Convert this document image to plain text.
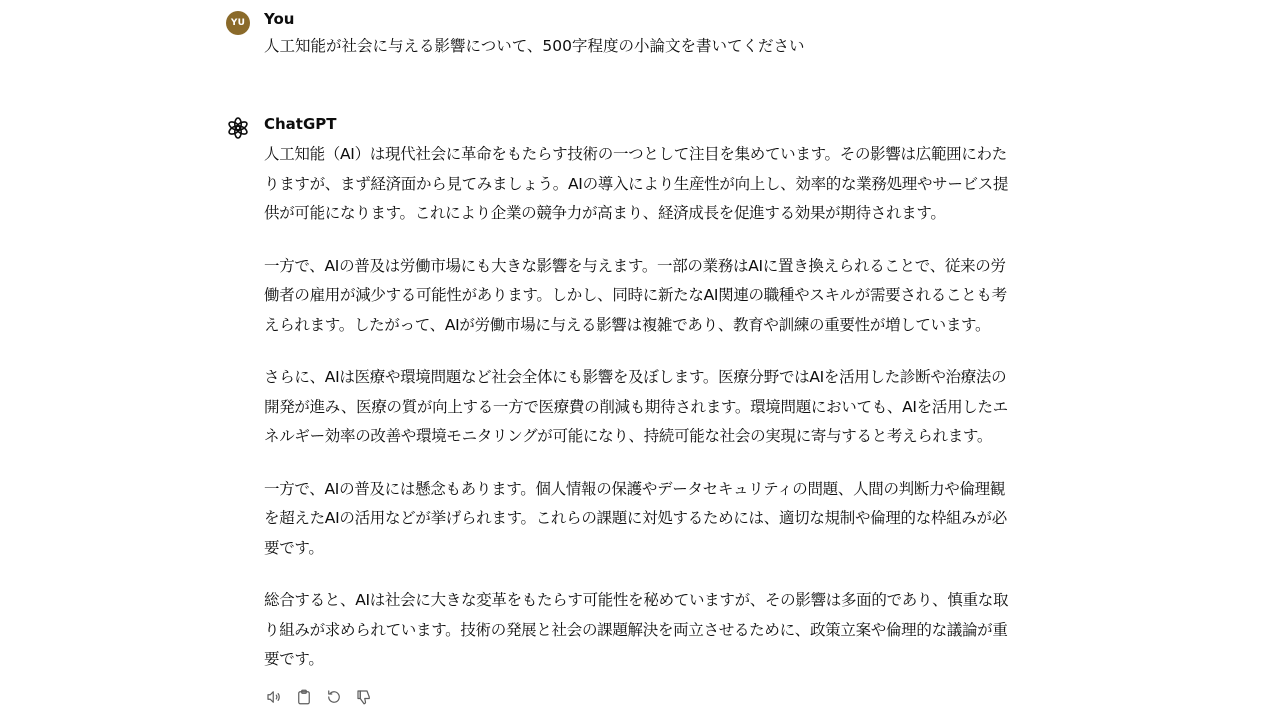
YU	You
人工知能が社会に与える影響について、500字程度の小論文を書いてください
ChatGPT

人工知能（AI）は現代社会に革命をもたらす技術の一つとして注目を集めています。その影響は広範囲にわたりますが、まず経済面から見てみましょう。AIの導入により生産性が向上し、効率的な業務処理やサービス提供が可能になります。これにより企業の競争力が高まり、経済成長を促進する効果が期待されます。

一方で、AIの普及は労働市場にも大きな影響を与えます。一部の業務はAIに置き換えられることで、従来の労働者の雇用が減少する可能性があります。しかし、同時に新たなAI関連の職種やスキルが需要されることも考えられます。したがって、AIが労働市場に与える影響は複雑であり、教育や訓練の重要性が増しています。

さらに、AIは医療や環境問題など社会全体にも影響を及ぼします。医療分野ではAIを活用した診断や治療法の開発が進み、医療の質が向上する一方で医療費の削減も期待されます。環境問題においても、AIを活用したエネルギー効率の改善や環境モニタリングが可能になり、持続可能な社会の実現に寄与すると考えられます。

一方で、AIの普及には懸念もあります。個人情報の保護やデータセキュリティの問題、人間の判断力や倫理観を超えたAIの活用などが挙げられます。これらの課題に対処するためには、適切な規制や倫理的な枠組みが必要です。

総合すると、AIは社会に大きな変革をもたらす可能性を秘めていますが、その影響は多面的であり、慎重な取り組みが求められています。技術の発展と社会の課題解決を両立させるために、政策立案や倫理的な議論が重要です。
